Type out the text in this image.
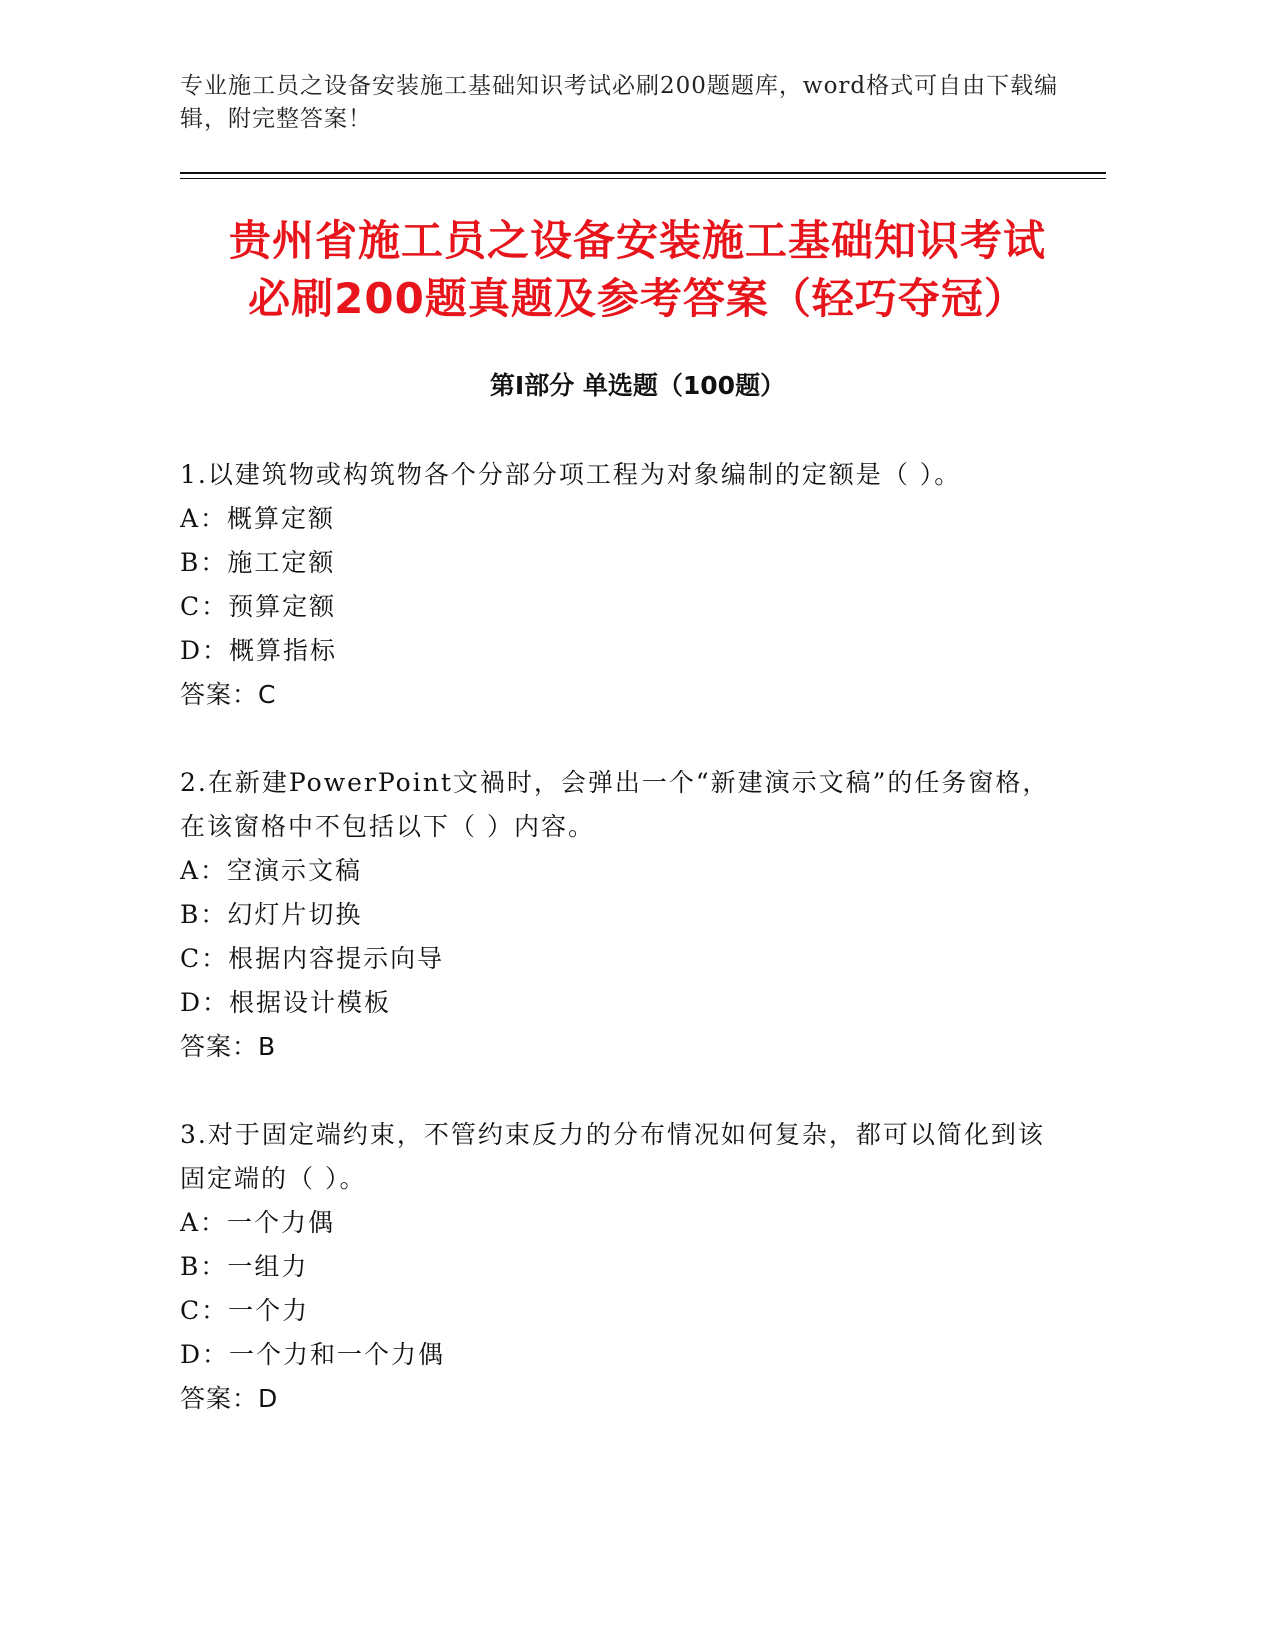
专业施工员之设备安装施工基础知识考试必刷200题题库，word格式可自由下载编辑，附完整答案！
贵州省施工员之设备安装施工基础知识考试
必刷200题真题及参考答案（轻巧夺冠）
第Ⅰ部分 单选题（100题）
1.以建筑物或构筑物各个分部分项工程为对象编制的定额是（ ）。
A：概算定额
B：施工定额
C：预算定额
D：概算指标
答案：C
2.在新建PowerPoint文禍时，会弹出一个“新建演示文稿”的任务窗格，在该窗格中不包括以下（ ）内容。
A：空演示文稿
B：幻灯片切换
C：根据内容提示向导
D：根据设计模板
答案：B
3.对于固定端约束，不管约束反力的分布情况如何复杂，都可以简化到该固定端的（ ）。
A：一个力偶
B：一组力
C：一个力
D：一个力和一个力偶
答案：D
